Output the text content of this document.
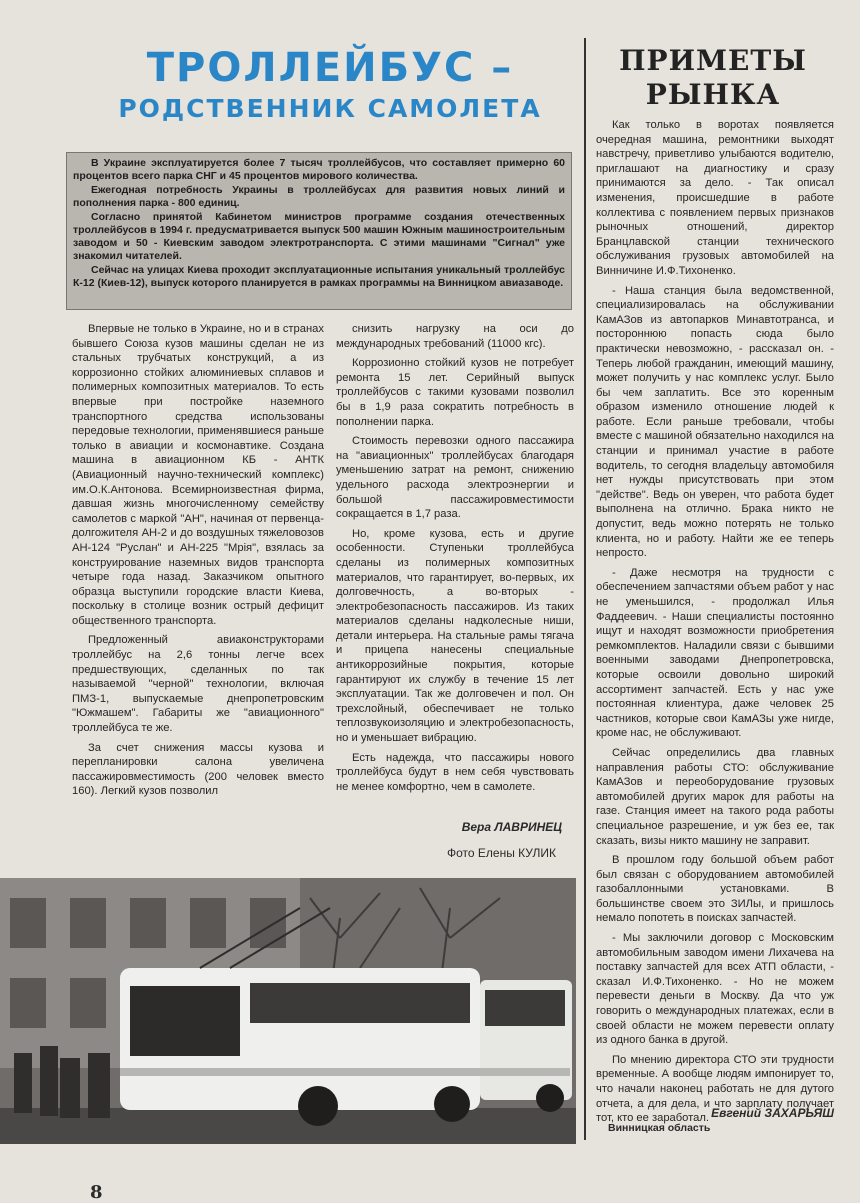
ТРОЛЛЕЙБУС –
РОДСТВЕННИК САМОЛЕТА

В Украине эксплуатируется более 7 тысяч троллейбусов, что составляет примерно 60 процентов всего парка СНГ и 45 процентов мирового количества.

Ежегодная потребность Украины в троллейбусах для развития новых линий и пополнения парка - 800 единиц.

Согласно принятой Кабинетом министров программе создания отечественных троллейбусов в 1994 г. предусматривается выпуск 500 машин Южным машиностроительным заводом и 50 - Киевским заводом электротранспорта. С этими машинами "Сигнал" уже знакомил читателей.

Сейчас на улицах Киева проходит эксплуатационные испытания уникальный троллейбус К-12 (Киев-12), выпуск которого планируется в рамках программы на Винницком авиазаводе.

Впервые не только в Украине, но и в странах бывшего Союза кузов машины сделан не из стальных трубчатых конструкций, а из коррозионно стойких алюминиевых сплавов и полимерных композитных материалов. То есть впервые при постройке наземного транспортного средства использованы передовые технологии, применявшиеся раньше только в авиации и космонавтике. Создана машина в авиационном КБ - АНТК (Авиационный научно-технический комплекс) им.О.К.Антонова. Всемирноизвестная фирма, давшая жизнь многочисленному семейству самолетов с маркой "АН", начиная от первенца-долгожителя АН-2 и до воздушных тяжеловозов АН-124 "Руслан" и АН-225 "Мрія", взялась за конструирование наземных видов транспорта четыре года назад. Заказчиком опытного образца выступили городские власти Киева, поскольку в столице возник острый дефицит общественного транспорта.

Предложенный авиаконструкторами троллейбус на 2,6 тонны легче всех предшествующих, сделанных по так называемой "черной" технологии, включая ПМЗ-1, выпускаемые днепропетровским "Южмашем". Габариты же "авиационного" троллейбуса те же.

За счет снижения массы кузова и перепланировки салона увеличена пассажировместимость (200 человек вместо 160). Легкий кузов позволил

снизить нагрузку на оси до международных требований (11000 кгс).

Коррозионно стойкий кузов не потребует ремонта 15 лет. Серийный выпуск троллейбусов с такими кузовами позволил бы в 1,9 раза сократить потребность в пополнении парка.

Стоимость перевозки одного пассажира на "авиационных" троллейбусах благодаря уменьшению затрат на ремонт, снижению удельного расхода электроэнергии и большой пассажировместимости сокращается в 1,7 раза.

Но, кроме кузова, есть и другие особенности. Ступеньки троллейбуса сделаны из полимерных композитных материалов, что гарантирует, во-первых, их долговечность, а во-вторых - электробезопасность пассажиров. Из таких материалов сделаны надколесные ниши, детали интерьера. На стальные рамы тягача и прицепа нанесены специальные антикоррозийные покрытия, которые гарантируют их службу в течение 15 лет эксплуатации. Так же долговечен и пол. Он трехслойный, обеспечивает не только теплозвукоизоляцию и электробезопасность, но и уменьшает вибрацию.

Есть надежда, что пассажиры нового троллейбуса будут в нем себя чувствовать не менее комфортно, чем в самолете.

Вера ЛАВРИНЕЦ
Фото Елены КУЛИК
ПРИМЕТЫ
РЫНКА

Как только в воротах появляется очередная машина, ремонтники выходят навстречу, приветливо улыбаются водителю, приглашают на диагностику и сразу принимаются за дело. - Так описал изменения, происшедшие в работе коллектива с появлением первых признаков рыночных отношений, директор Бранцлавской станции технического обслуживания грузовых автомобилей на Винничине И.Ф.Тихоненко.

- Наша станция была ведомственной, специализировалась на обслуживании КамАЗов из автопарков Минавтотранса, и постороннюю попасть сюда было практически невозможно, - рассказал он. - Теперь любой гражданин, имеющий машину, может получить у нас комплекс услуг. Было бы чем заплатить. Все это коренным образом изменило отношение людей к работе. Если раньше требовали, чтобы вместе с машиной обязательно находился на станции и принимал участие в работе водитель, то сегодня владельцу автомобиля нет нужды присутствовать при этом "действе". Ведь он уверен, что работа будет выполнена на отлично. Брака никто не допустит, ведь можно потерять не только клиента, но и работу. Найти же ее теперь непросто.

- Даже несмотря на трудности с обеспечением запчастями объем работ у нас не уменьшился, - продолжал Илья Фаддеевич. - Наши специалисты постоянно ищут и находят возможности приобретения ремкомплектов. Наладили связи с бывшими военными заводами Днепропетровска, которые освоили довольно широкий ассортимент запчастей. Есть у нас уже постоянная клиентура, даже человек 25 частников, которые свои КамАЗы уже нигде, кроме нас, не обслуживают.

Сейчас определились два главных направления работы СТО: обслуживание КамАЗов и переоборудование грузовых автомобилей других марок для работы на газе. Станция имеет на такого рода работы специальное разрешение, и уж без ее, так сказать, визы никто машину не заправит.

В прошлом году большой объем работ был связан с оборудованием автомобилей газобаллонными установками. В большинстве своем это ЗИЛы, и пришлось немало попотеть в поисках запчастей.

- Мы заключили договор с Московским автомобильным заводом имени Лихачева на поставку запчастей для всех АТП области, - сказал И.Ф.Тихоненко. - Но не можем перевести деньги в Москву. Да что уж говорить о международных платежах, если в своей области не можем перевести оплату из одного банка в другой.

По мнению директора СТО эти трудности временные. А вообще людям импонирует то, что начали наконец работать не для дутого отчета, а для дела, и что зарплату получает тот, кто ее заработал. Евгений ЗАХАРЬЯШ
Винницкая область
8
